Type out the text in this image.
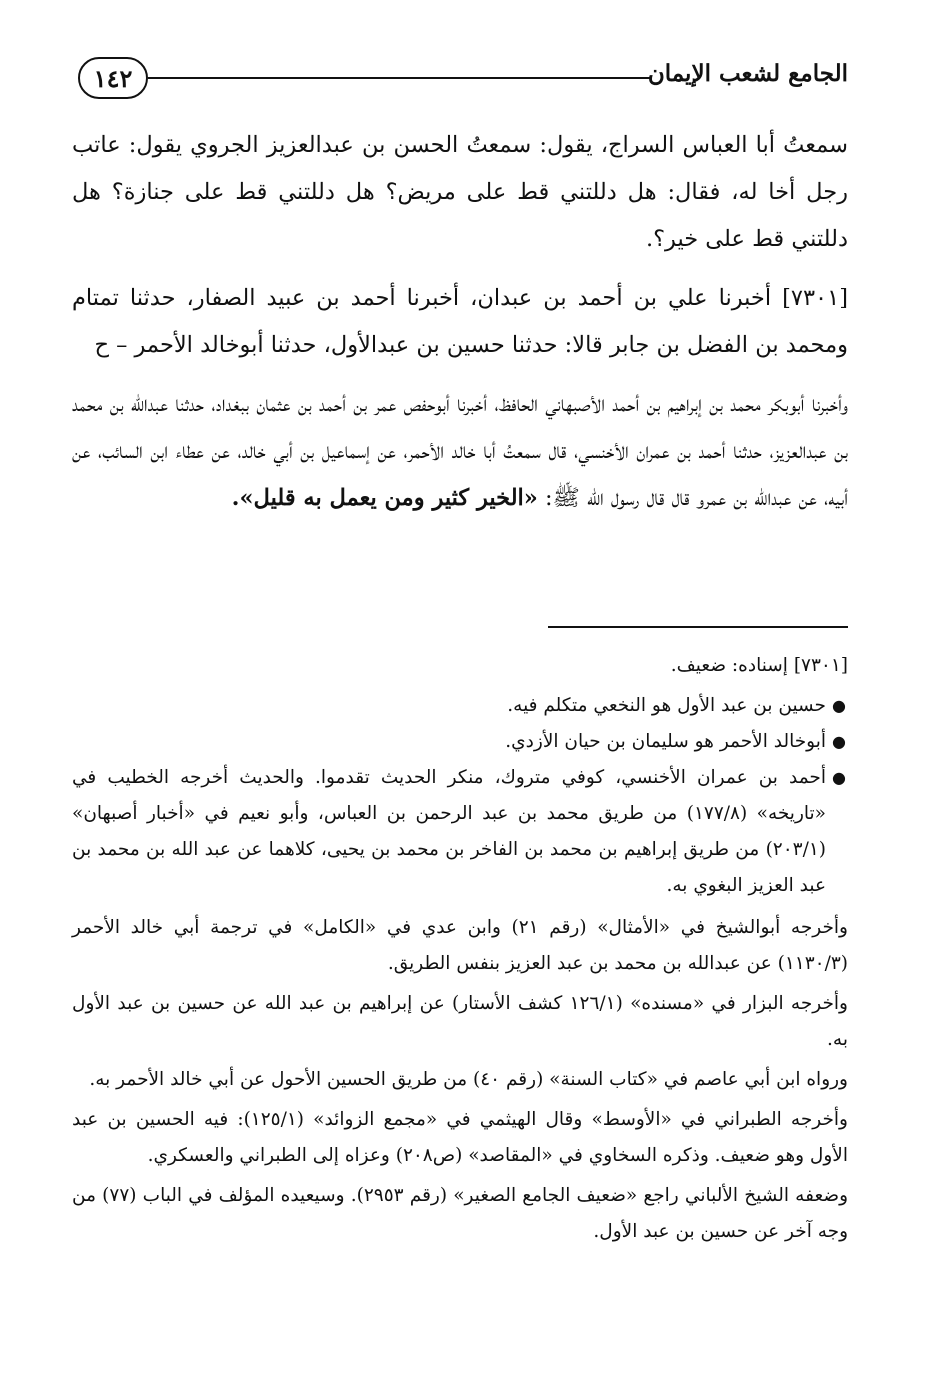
١٤٢	الجامع لشعب الإيمان

سمعتُ أبا العباس السراج، يقول: سمعتُ الحسن بن عبدالعزيز الجروي يقول: عاتب رجل أخا له، فقال: هل دللتني قط على مريض؟ هل دللتني قط على جنازة؟ هل دللتني قط على خير؟.

[٧٣٠١] أخبرنا علي بن أحمد بن عبدان، أخبرنا أحمد بن عبيد الصفار، حدثنا تمتام ومحمد بن الفضل بن جابر قالا: حدثنا حسين بن عبدالأول، حدثنا أبوخالد الأحمر – ح

وأخبرنا أبوبكر محمد بن إبراهيم بن أحمد الأصبهاني الحافظ، أخبرنا أبوحفص عمر بن أحمد بن عثمان ببغداد، حدثنا عبدالله بن محمد بن عبدالعزيز، حدثنا أحمد بن عمران الأخنسي، قال سمعتُ أبا خالد الأحمر، عن إسماعيل بن أبي خالد، عن عطاء ابن السائب، عن أبيه، عن عبدالله بن عمرو قال قال رسول الله ﷺ: «الخير كثير ومن يعمل به قليل».

[٧٣٠١] إسناده: ضعيف.

●
حسين بن عبد الأول هو النخعي متكلم فيه.
●
أبوخالد الأحمر هو سليمان بن حيان الأزدي.
●
أحمد بن عمران الأخنسي، كوفي متروك، منكر الحديث تقدموا. والحديث أخرجه الخطيب في «تاريخه» (١٧٧/٨) من طريق محمد بن عبد الرحمن بن العباس، وأبو نعيم في «أخبار أصبهان» (٢٠٣/١) من طريق إبراهيم بن محمد بن الفاخر بن محمد بن يحيى، كلاهما عن عبد الله بن محمد بن عبد العزيز البغوي به.

وأخرجه أبوالشيخ في «الأمثال» (رقم ٢١) وابن عدي في «الكامل» في ترجمة أبي خالد الأحمر (١١٣٠/٣) عن عبدالله بن محمد بن عبد العزيز بنفس الطريق.

وأخرجه البزار في «مسنده» (١٢٦/١ كشف الأستار) عن إبراهيم بن عبد الله عن حسين بن عبد الأول به.

ورواه ابن أبي عاصم في «كتاب السنة» (رقم ٤٠) من طريق الحسين الأحول عن أبي خالد الأحمر به.

وأخرجه الطبراني في «الأوسط» وقال الهيثمي في «مجمع الزوائد» (١٢٥/١): فيه الحسين بن عبد الأول وهو ضعيف. وذكره السخاوي في «المقاصد» (ص٢٠٨) وعزاه إلى الطبراني والعسكري.

وضعفه الشيخ الألباني راجع «ضعيف الجامع الصغير» (رقم ٢٩٥٣). وسيعيده المؤلف في الباب (٧٧) من وجه آخر عن حسين بن عبد الأول.
